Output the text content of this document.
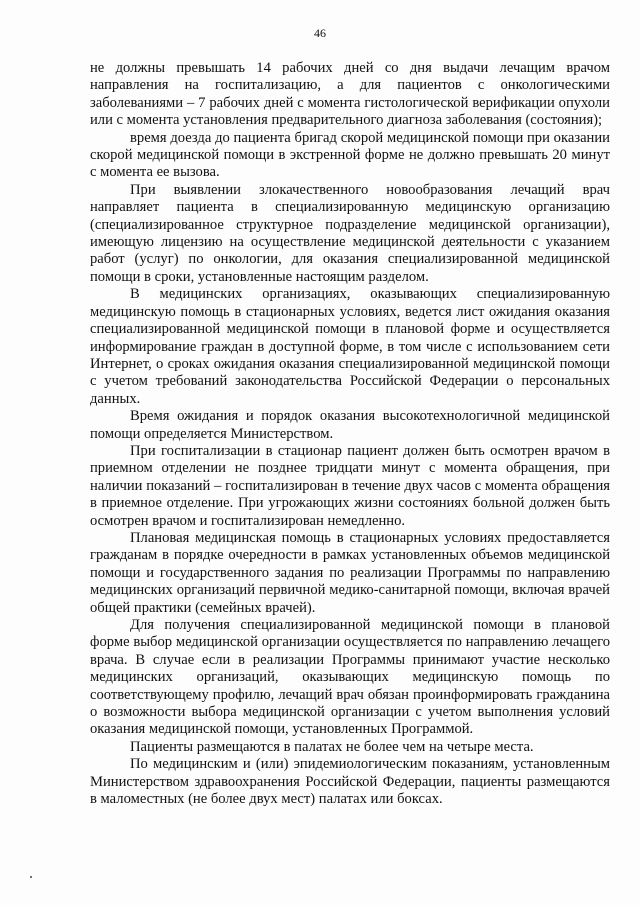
46

не должны превышать 14 рабочих дней со дня выдачи лечащим врачом направления на госпитализацию, а для пациентов с онкологическими заболеваниями – 7 рабочих дней с момента гистологической верификации опухоли или с момента установления предварительного диагноза заболевания (состояния);

время доезда до пациента бригад скорой медицинской помощи при оказании скорой медицинской помощи в экстренной форме не должно превышать 20 минут с момента ее вызова.

При выявлении злокачественного новообразования лечащий врач направляет пациента в специализированную медицинскую организацию (специализированное структурное подразделение медицинской организации), имеющую лицензию на осуществление медицинской деятельности с указанием работ (услуг) по онкологии, для оказания специализированной медицинской помощи в сроки, установленные настоящим разделом.

В медицинских организациях, оказывающих специализированную медицинскую помощь в стационарных условиях, ведется лист ожидания оказания специализированной медицинской помощи в плановой форме и осуществляется информирование граждан в доступной форме, в том числе с использованием сети Интернет, о сроках ожидания оказания специализированной медицинской помощи с учетом требований законодательства Российской Федерации о персональных данных.

Время ожидания и порядок оказания высокотехнологичной медицинской помощи определяется Министерством.

При госпитализации в стационар пациент должен быть осмотрен врачом в приемном отделении не позднее тридцати минут с момента обращения, при наличии показаний – госпитализирован в течение двух часов с момента обращения в приемное отделение. При угрожающих жизни состояниях больной должен быть осмотрен врачом и госпитализирован немедленно.

Плановая медицинская помощь в стационарных условиях предоставляется гражданам в порядке очередности в рамках установленных объемов медицинской помощи и государственного задания по реализации Программы по направлению медицинских организаций первичной медико-санитарной помощи, включая врачей общей практики (семейных врачей).

Для получения специализированной медицинской помощи в плановой форме выбор медицинской организации осуществляется по направлению лечащего врача. В случае если в реализации Программы принимают участие несколько медицинских организаций, оказывающих медицинскую помощь по соответствующему профилю, лечащий врач обязан проинформировать гражданина о возможности выбора медицинской организации с учетом выполнения условий оказания медицинской помощи, установленных Программой.

Пациенты размещаются в палатах не более чем на четыре места.

По медицинским и (или) эпидемиологическим показаниям, установленным Министерством здравоохранения Российской Федерации, пациенты размещаются в маломестных (не более двух мест) палатах или боксах.
